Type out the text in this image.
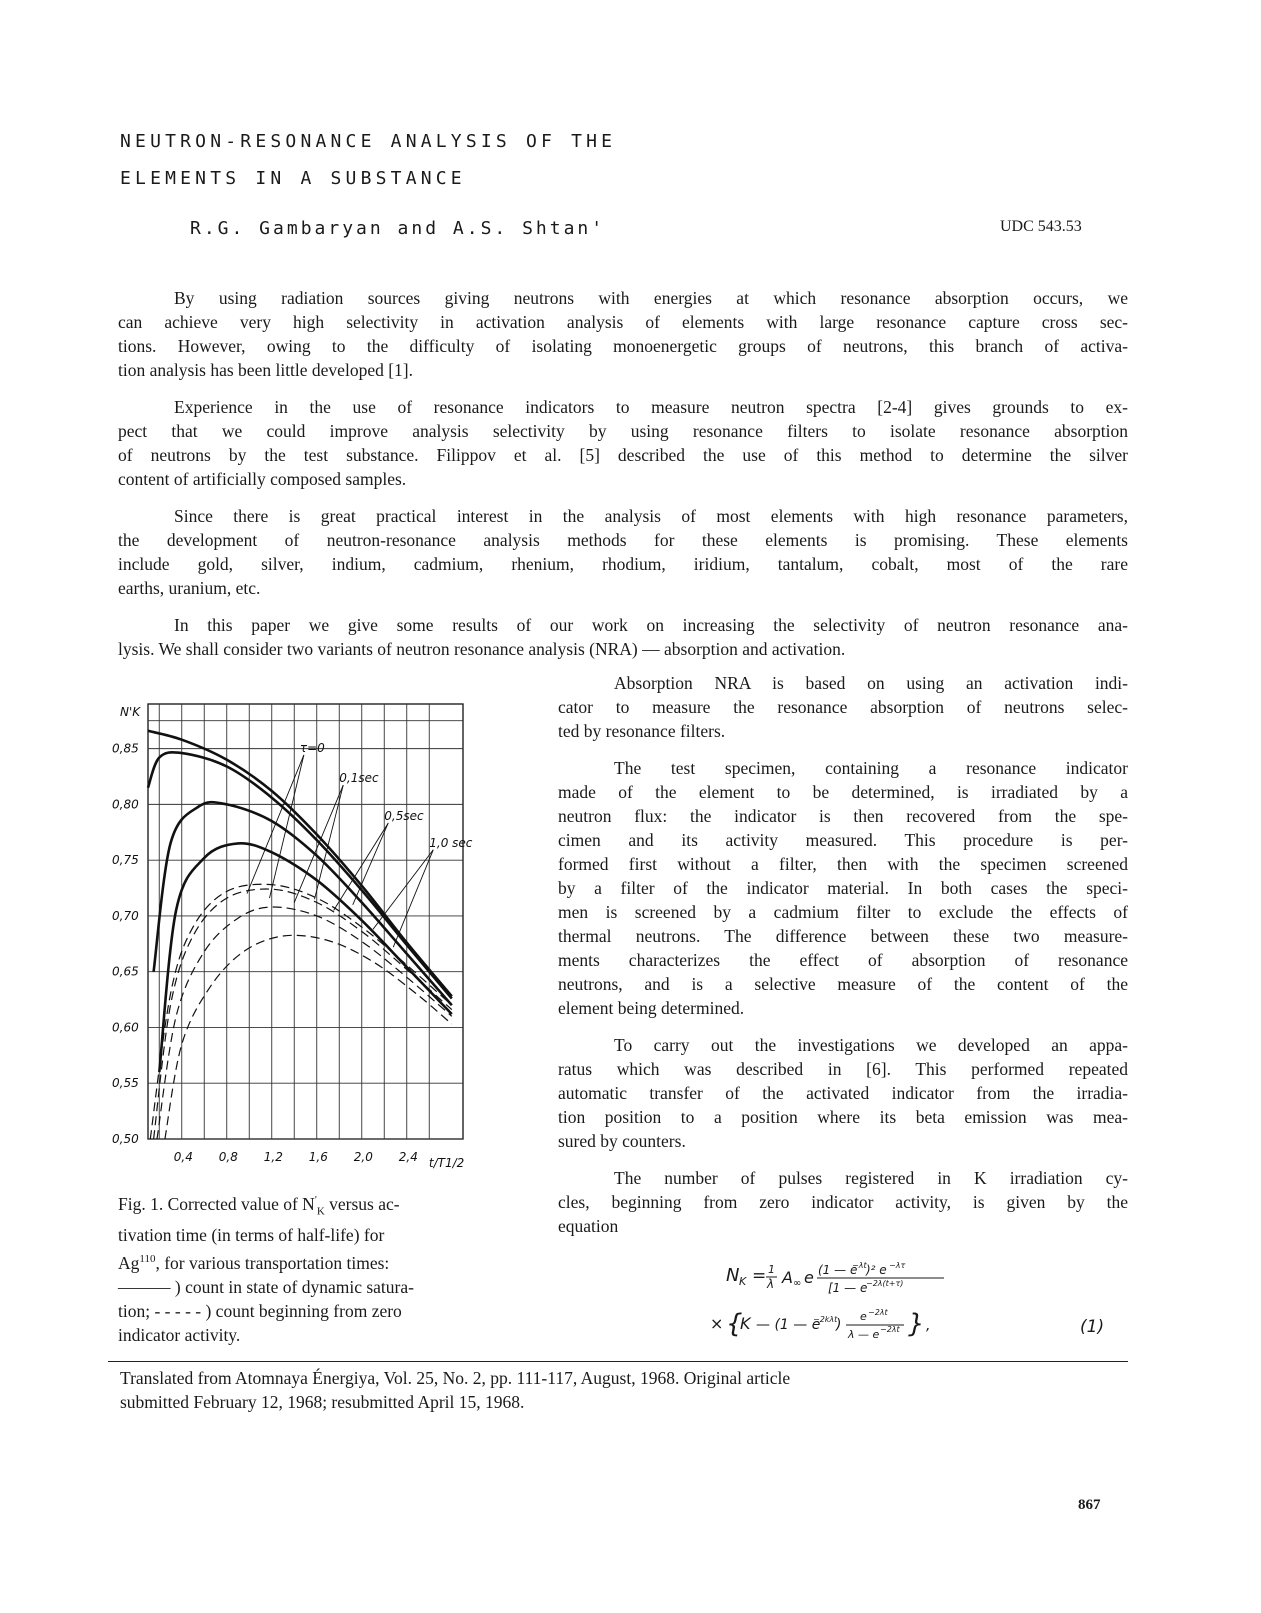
NEUTRON-RESONANCE ANALYSIS OF THE
ELEMENTS IN A SUBSTANCE
R.G. Gambaryan and A.S. Shtan'	UDC 543.53

By using radiation sources giving neutrons with energies at which resonance absorption occurs, we
can achieve very high selectivity in activation analysis of elements with large resonance capture cross sec-
tions. However, owing to the difficulty of isolating monoenergetic groups of neutrons, this branch of activa-
tion analysis has been little developed [1].

Experience in the use of resonance indicators to measure neutron spectra [2-4] gives grounds to ex-
pect that we could improve analysis selectivity by using resonance filters to isolate resonance absorption
of neutrons by the test substance. Filippov et al. [5] described the use of this method to determine the silver
content of artificially composed samples.

Since there is great practical interest in the analysis of most elements with high resonance parameters,
the development of neutron-resonance analysis methods for these elements is promising. These elements
include gold, silver, indium, cadmium, rhenium, rhodium, iridium, tantalum, cobalt, most of the rare
earths, uranium, etc.

In this paper we give some results of our work on increasing the selectivity of neutron resonance ana-
lysis. We shall consider two variants of neutron resonance analysis (NRA) — absorption and activation.

0,4 0,8 1,2 1,6 2,0 2,4
0,50
0,55
0,60
0,65
0,70
0,75
0,80
0,85
N'K
t/T1/2
τ=0
0,1sec
0,5sec
1,0 sec
Fig. 1. Corrected value of $N'_K$ versus ac-
tivation time (in terms of half-life) for
Ag$^{110}$, for various transportation times:
——— ) count in state of dynamic satura-
tion; - - - - - ) count beginning from zero
indicator activity.

Absorption NRA is based on using an activation indi-
cator to measure the resonance absorption of neutrons selec-
ted by resonance filters.

The test specimen, containing a resonance indicator
made of the element to be determined, is irradiated by a
neutron flux: the indicator is then recovered from the spe-
cimen and its activity measured. This procedure is per-
formed first without a filter, then with the specimen screened
by a filter of the indicator material. In both cases the speci-
men is screened by a cadmium filter to exclude the effects of
thermal neutrons. The difference between these two measure-
ments characterizes the effect of absorption of resonance
neutrons, and is a selective measure of the content of the
element being determined.

To carry out the investigations we developed an appa-
ratus which was described in [6]. This performed repeated
automatic transfer of the activated indicator from the irradia-
tion position to a position where its beta emission was mea-
sured by counters.

The number of pulses registered in K irradiation cy-
cles, beginning from zero indicator activity, is given by the
equation

N K = 1
λ A ∞ e (1 — e
−λt )² e −λτ
[1 — e
−2λ(t+τ)
× {
K — (1 — e
−2kλt
)
e −2λt
λ — e −2λt } ,	(1)
Translated from Atomnaya Énergiya, Vol. 25, No. 2, pp. 111-117, August, 1968. Original article
submitted February 12, 1968; resubmitted April 15, 1968.
867
